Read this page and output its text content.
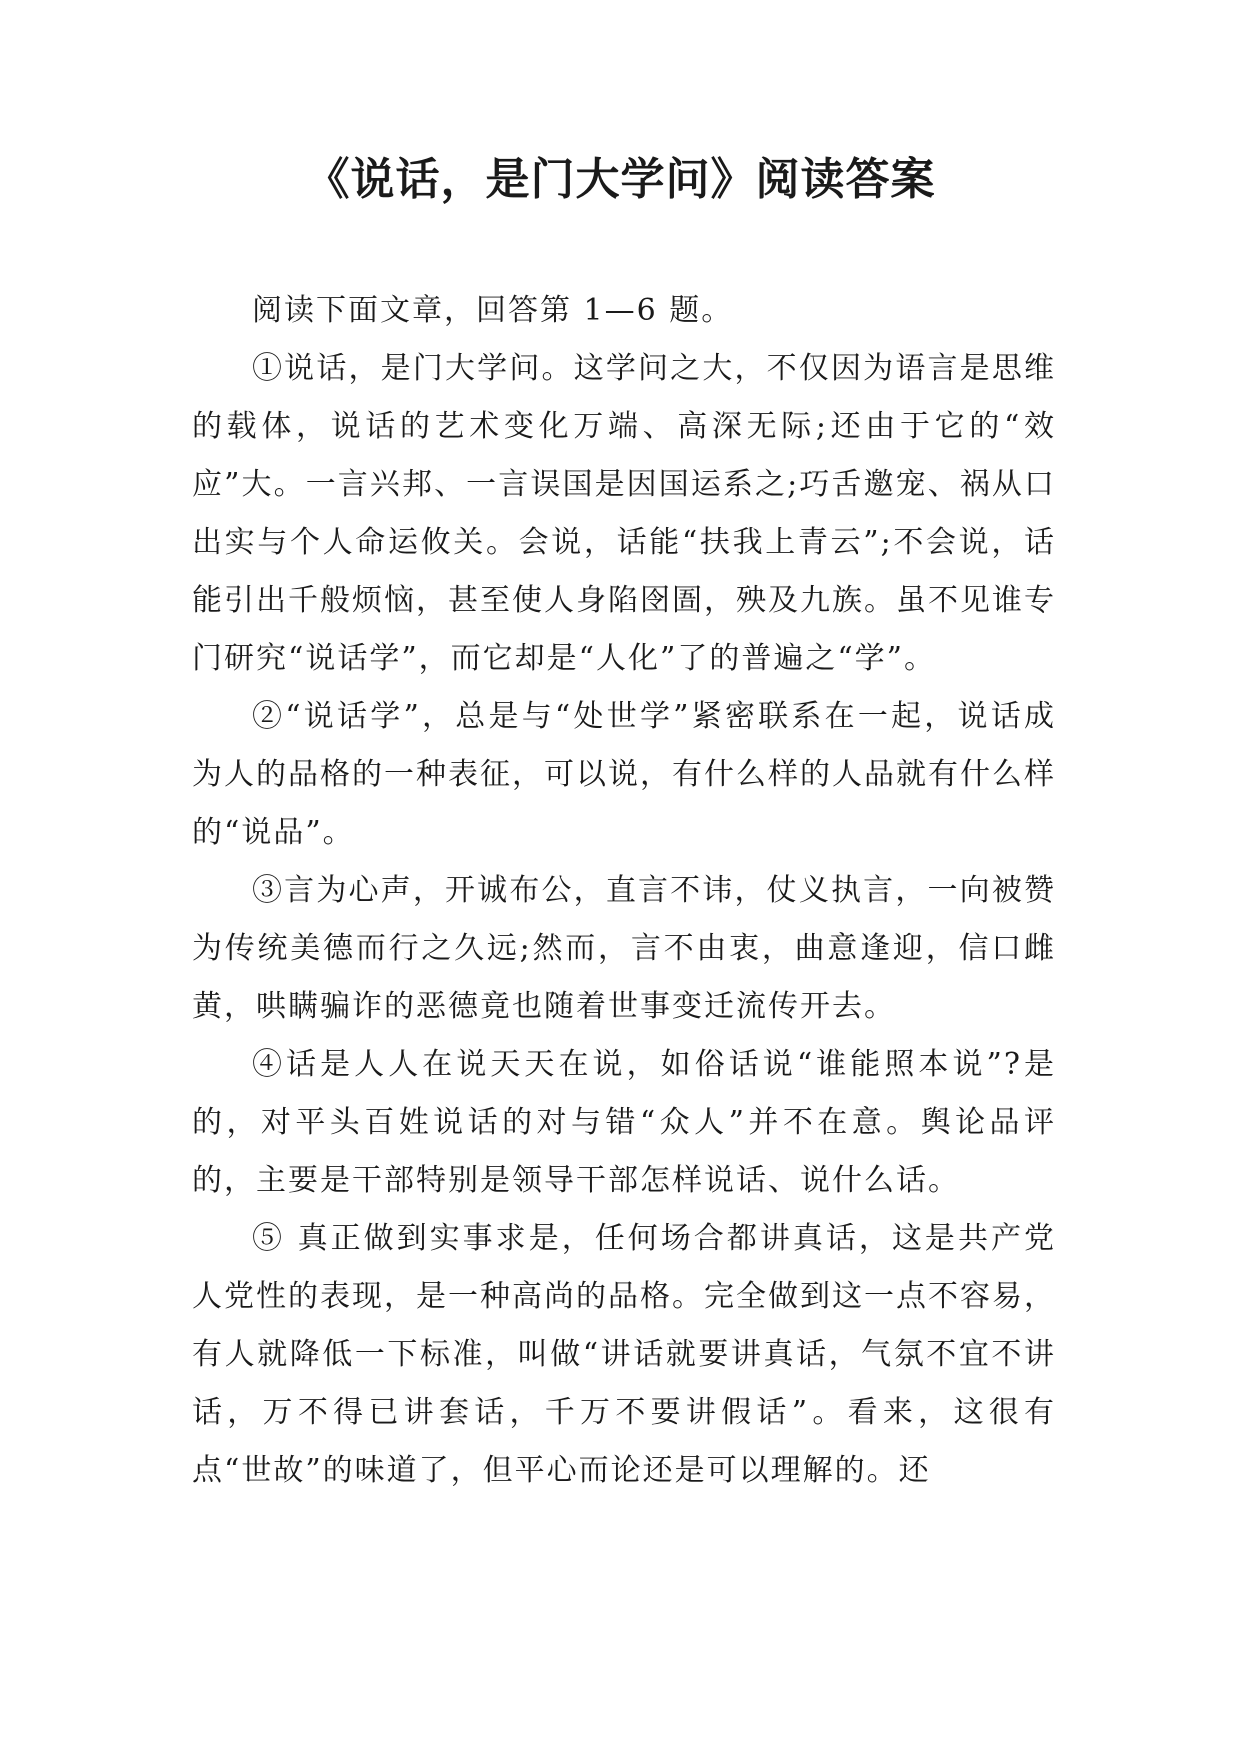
《说话，是门大学问》阅读答案

阅读下面文章，回答第 1—6 题。

①说话，是门大学问。这学问之大，不仅因为语言是思维的载体，说话的艺术变化万端、高深无际;还由于它的“效应”大。一言兴邦、一言误国是因国运系之;巧舌邀宠、祸从口出实与个人命运攸关。会说，话能“扶我上青云”;不会说，话能引出千般烦恼，甚至使人身陷囹圄，殃及九族。虽不见谁专门研究“说话学”，而它却是“人化”了的普遍之“学”。

②“说话学”，总是与“处世学”紧密联系在一起，说话成为人的品格的一种表征，可以说，有什么样的人品就有什么样的“说品”。

③言为心声，开诚布公，直言不讳，仗义执言，一向被赞为传统美德而行之久远;然而，言不由衷，曲意逢迎，信口雌黄，哄瞒骗诈的恶德竟也随着世事变迁流传开去。

④话是人人在说天天在说，如俗话说“谁能照本说”?是的，对平头百姓说话的对与错“众人”并不在意。舆论品评的，主要是干部特别是领导干部怎样说话、说什么话。

⑤ 真正做到实事求是，任何场合都讲真话，这是共产党人党性的表现，是一种高尚的品格。完全做到这一点不容易，有人就降低一下标准，叫做“讲话就要讲真话，气氛不宜不讲话，万不得已讲套话，千万不要讲假话”。看来，这很有点“世故”的味道了，但平心而论还是可以理解的。还
